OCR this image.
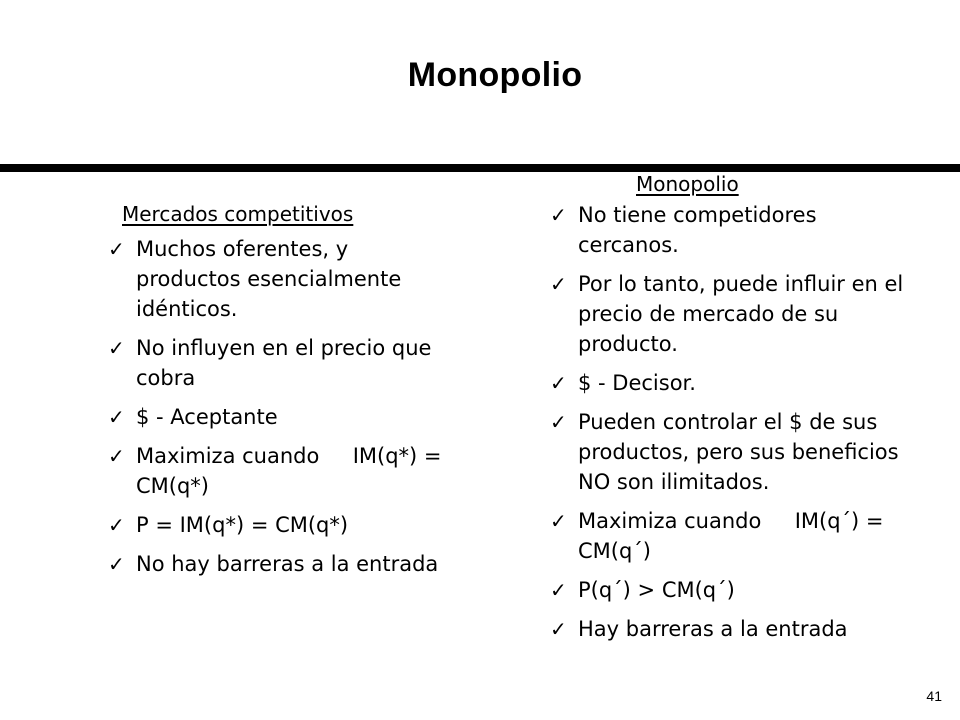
Monopolio
Mercados competitivos
✓ Muchos oferentes, y productos esencialmente idénticos.
✓ No influyen en el precio que cobra
✓ $ - Aceptante
✓ Maximiza cuando     IM(q*) = CM(q*)
✓ P = IM(q*) = CM(q*)
✓ No hay barreras a la entrada
Monopolio
✓ No tiene competidores cercanos.
✓ Por lo tanto, puede influir en el precio de mercado de su producto.
✓ $ - Decisor.
✓ Pueden controlar el $ de sus productos, pero sus beneficios NO son ilimitados.
✓ Maximiza cuando     IM(q´) = CM(q´)
✓ P(q´) > CM(q´)
✓ Hay barreras a la entrada
41
